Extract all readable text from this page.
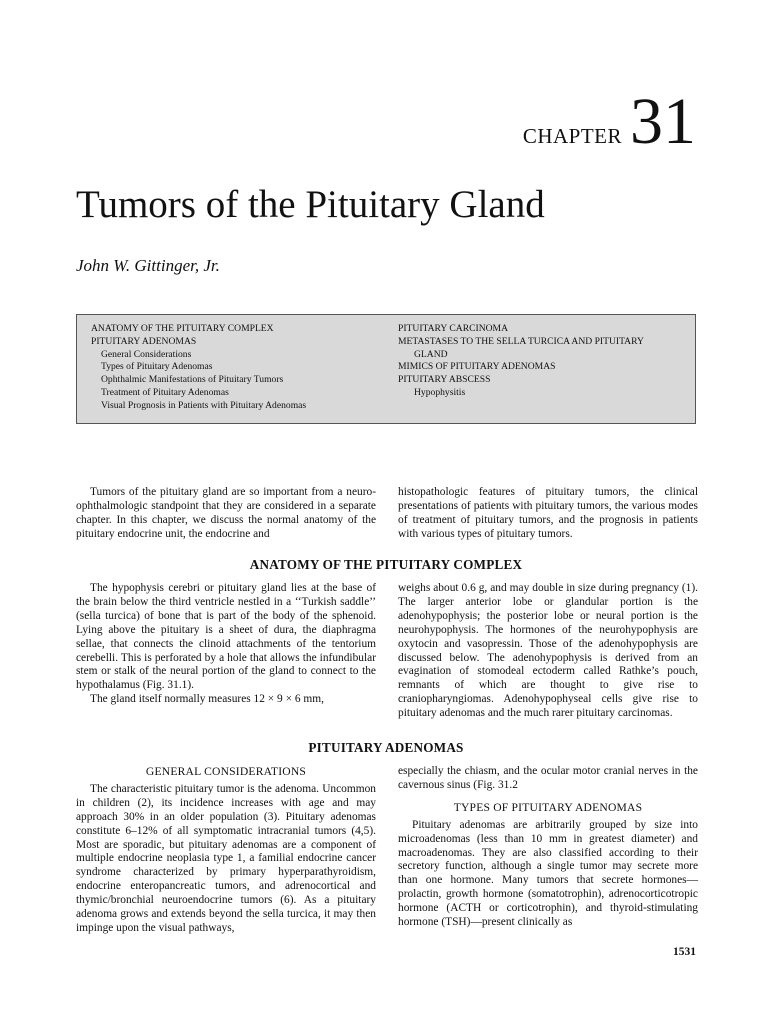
CHAPTER 31
Tumors of the Pituitary Gland
John W. Gittinger, Jr.
ANATOMY OF THE PITUITARY COMPLEX
PITUITARY ADENOMAS
General Considerations
Types of Pituitary Adenomas
Ophthalmic Manifestations of Pituitary Tumors
Treatment of Pituitary Adenomas
Visual Prognosis in Patients with Pituitary Adenomas
PITUITARY CARCINOMA
METASTASES TO THE SELLA TURCICA AND PITUITARY
GLAND
MIMICS OF PITUITARY ADENOMAS
PITUITARY ABSCESS
Hypophysitis

Tumors of the pituitary gland are so important from a neuro-ophthalmologic standpoint that they are considered in a separate chapter. In this chapter, we discuss the normal anatomy of the pituitary endocrine unit, the endocrine and

histopathologic features of pituitary tumors, the clinical presentations of patients with pituitary tumors, the various modes of treatment of pituitary tumors, and the prognosis in patients with various types of pituitary tumors.

ANATOMY OF THE PITUITARY COMPLEX

The hypophysis cerebri or pituitary gland lies at the base of the brain below the third ventricle nestled in a ‘‘Turkish saddle’’ (sella turcica) of bone that is part of the body of the sphenoid. Lying above the pituitary is a sheet of dura, the diaphragma sellae, that connects the clinoid attachments of the tentorium cerebelli. This is perforated by a hole that allows the infundibular stem or stalk of the neural portion of the gland to connect to the hypothalamus (Fig. 31.1).

The gland itself normally measures 12 × 9 × 6 mm,

weighs about 0.6 g, and may double in size during pregnancy (1). The larger anterior lobe or glandular portion is the adenohypophysis; the posterior lobe or neural portion is the neurohypophysis. The hormones of the neurohypophysis are oxytocin and vasopressin. Those of the adenohypophysis are discussed below. The adenohypophysis is derived from an evagination of stomodeal ectoderm called Rathke’s pouch, remnants of which are thought to give rise to craniopharyngiomas. Adenohypophyseal cells give rise to pituitary adenomas and the much rarer pituitary carcinomas.

PITUITARY ADENOMAS
GENERAL CONSIDERATIONS

The characteristic pituitary tumor is the adenoma. Uncommon in children (2), its incidence increases with age and may approach 30% in an older population (3). Pituitary adenomas constitute 6–12% of all symptomatic intracranial tumors (4,5). Most are sporadic, but pituitary adenomas are a component of multiple endocrine neoplasia type 1, a familial endocrine cancer syndrome characterized by primary hyperparathyroidism, endocrine enteropancreatic tumors, and adrenocortical and thymic/bronchial neuroendocrine tumors (6). As a pituitary adenoma grows and extends beyond the sella turcica, it may then impinge upon the visual pathways,

especially the chiasm, and the ocular motor cranial nerves in the cavernous sinus (Fig. 31.2

TYPES OF PITUITARY ADENOMAS

Pituitary adenomas are arbitrarily grouped by size into microadenomas (less than 10 mm in greatest diameter) and macroadenomas. They are also classified according to their secretory function, although a single tumor may secrete more than one hormone. Many tumors that secrete hormones—prolactin, growth hormone (somatotrophin), adrenocorticotropic hormone (ACTH or corticotrophin), and thyroid-stimulating hormone (TSH)—present clinically as

1531
